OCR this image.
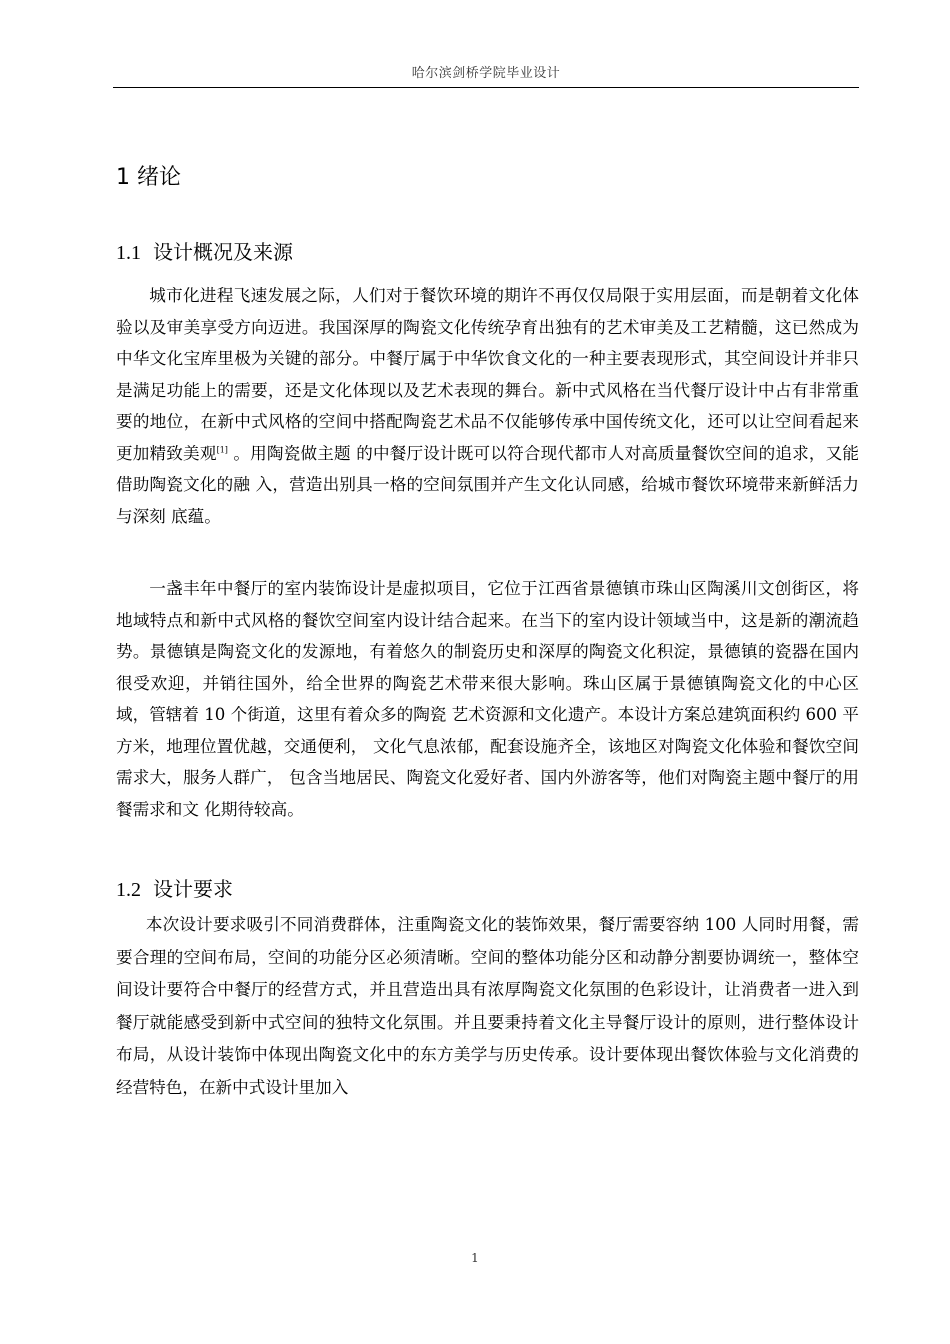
哈尔滨剑桥学院毕业设计
1 绪论
1.1 设计概况及来源
城市化进程飞速发展之际，人们对于餐饮环境的期许不再仅仅局限于实用层面，而是朝着文化体验以及审美享受方向迈进。我国深厚的陶瓷文化传统孕育出独有的艺术审美及工艺精髓，这已然成为中华文化宝库里极为关键的部分。中餐厅属于中华饮食文化的一种主要表现形式，其空间设计并非只是满足功能上的需要，还是文化体现以及艺术表现的舞台。新中式风格在当代餐厅设计中占有非常重要的地位，在新中式风格的空间中搭配陶瓷艺术品不仅能够传承中国传统文化，还可以让空间看起来更加精致美观[1] 。用陶瓷做主题 的中餐厅设计既可以符合现代都市人对高质量餐饮空间的追求，又能借助陶瓷文化的融 入，营造出别具一格的空间氛围并产生文化认同感，给城市餐饮环境带来新鲜活力与深刻 底蕴。
一盏丰年中餐厅的室内装饰设计是虚拟项目，它位于江西省景德镇市珠山区陶溪川文创街区，将地域特点和新中式风格的餐饮空间室内设计结合起来。在当下的室内设计领域当中，这是新的潮流趋势。景德镇是陶瓷文化的发源地，有着悠久的制瓷历史和深厚的陶瓷文化积淀，景德镇的瓷器在国内很受欢迎，并销往国外，给全世界的陶瓷艺术带来很大影响。珠山区属于景德镇陶瓷文化的中心区域，管辖着 10 个街道，这里有着众多的陶瓷 艺术资源和文化遗产。本设计方案总建筑面积约 600 平方米，地理位置优越，交通便利， 文化气息浓郁，配套设施齐全，该地区对陶瓷文化体验和餐饮空间需求大，服务人群广， 包含当地居民、陶瓷文化爱好者、国内外游客等，他们对陶瓷主题中餐厅的用餐需求和文 化期待较高。
1.2 设计要求
本次设计要求吸引不同消费群体，注重陶瓷文化的装饰效果，餐厅需要容纳 100 人同时用餐，需要合理的空间布局，空间的功能分区必须清晰。空间的整体功能分区和动静分割要协调统一，整体空间设计要符合中餐厅的经营方式，并且营造出具有浓厚陶瓷文化氛围的色彩设计，让消费者一进入到餐厅就能感受到新中式空间的独特文化氛围。并且要秉持着文化主导餐厅设计的原则，进行整体设计布局，从设计装饰中体现出陶瓷文化中的东方美学与历史传承。设计要体现出餐饮体验与文化消费的经营特色，在新中式设计里加入
1
